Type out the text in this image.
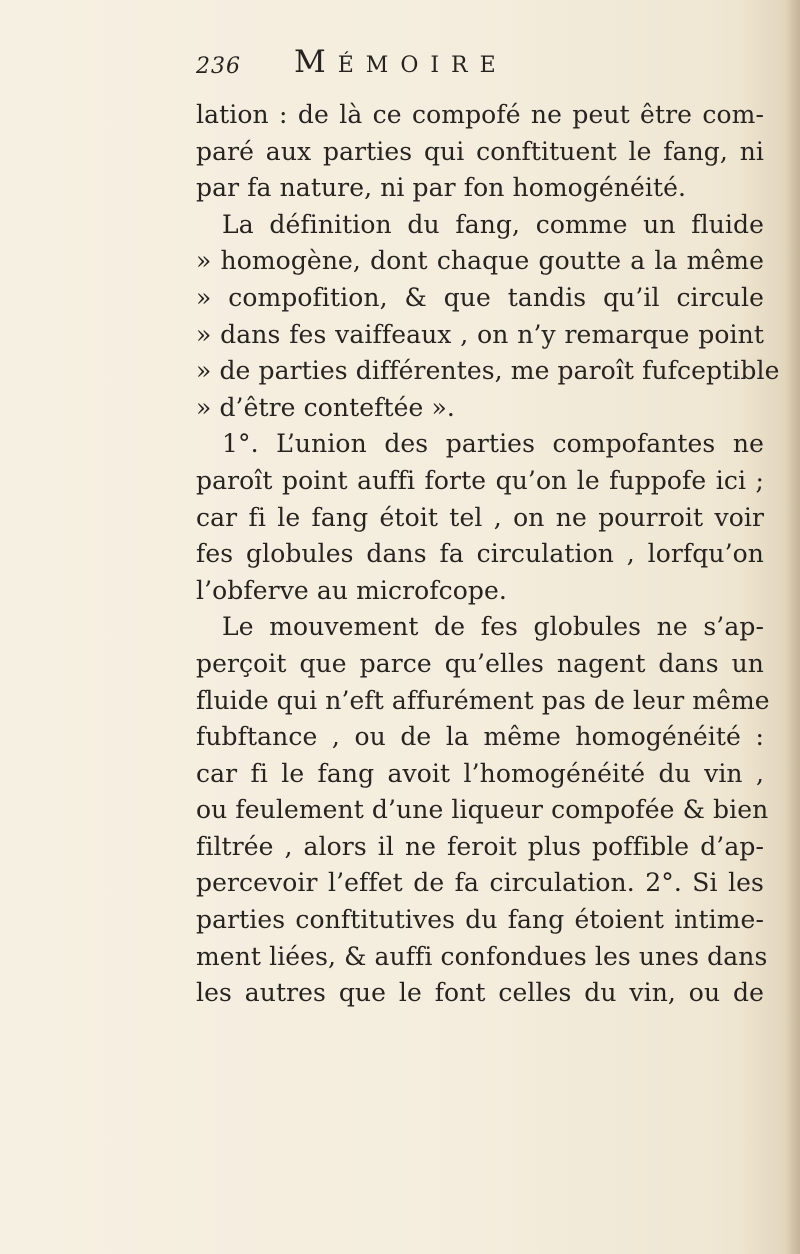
236 Mémoire
lation : de là ce compofé ne peut être com-
paré aux parties qui conftituent le fang, ni
par fa nature, ni par fon homogénéité.
La définition du fang, comme un fluide
» homogène, dont chaque goutte a la même
» compofition, & que tandis qu’il circule
» dans fes vaiffeaux , on n’y remarque point
» de parties différentes, me paroît fufceptible
» d’être conteftée ».
1°. L’union des parties compofantes ne
paroît point auffi forte qu’on le fuppofe ici ;
car fi le fang étoit tel , on ne pourroit voir
fes globules dans fa circulation , lorfqu’on
l’obferve au microfcope.
Le mouvement de fes globules ne s’ap-
perçoit que parce qu’elles nagent dans un
fluide qui n’eft affurément pas de leur même
fubftance , ou de la même homogénéité :
car fi le fang avoit l’homogénéité du vin ,
ou feulement d’une liqueur compofée & bien
filtrée , alors il ne feroit plus poffible d’ap-
percevoir l’effet de fa circulation. 2°. Si les
parties conftitutives du fang étoient intime-
ment liées, & auffi confondues les unes dans
les autres que le font celles du vin, ou de
